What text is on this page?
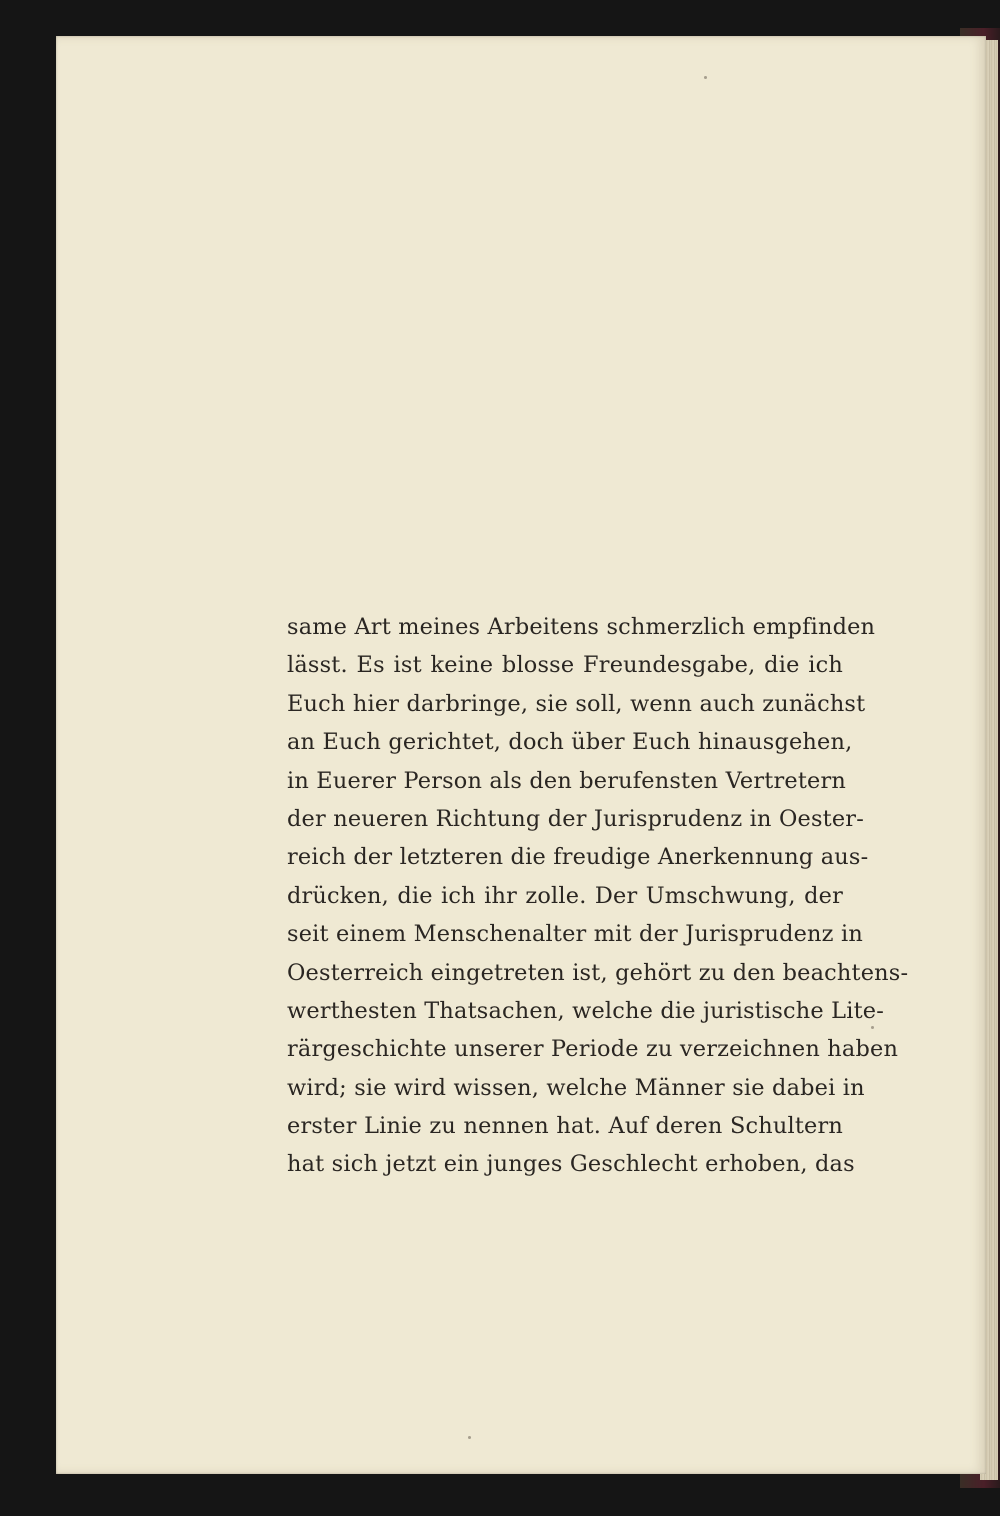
same Art meines Arbeitens schmerzlich empfinden
lässt. Es ist keine blosse Freundesgabe, die ich
Euch hier darbringe, sie soll, wenn auch zunächst
an Euch gerichtet, doch über Euch hinausgehen,
in Euerer Person als den berufensten Vertretern
der neueren Richtung der Jurisprudenz in Oester-
reich der letzteren die freudige Anerkennung aus-
drücken, die ich ihr zolle. Der Umschwung, der
seit einem Menschenalter mit der Jurisprudenz in
Oesterreich eingetreten ist, gehört zu den beachtens-
werthesten Thatsachen, welche die juristische Lite-
rärgeschichte unserer Periode zu verzeichnen haben
wird; sie wird wissen, welche Männer sie dabei in
erster Linie zu nennen hat. Auf deren Schultern
hat sich jetzt ein junges Geschlecht erhoben, das
